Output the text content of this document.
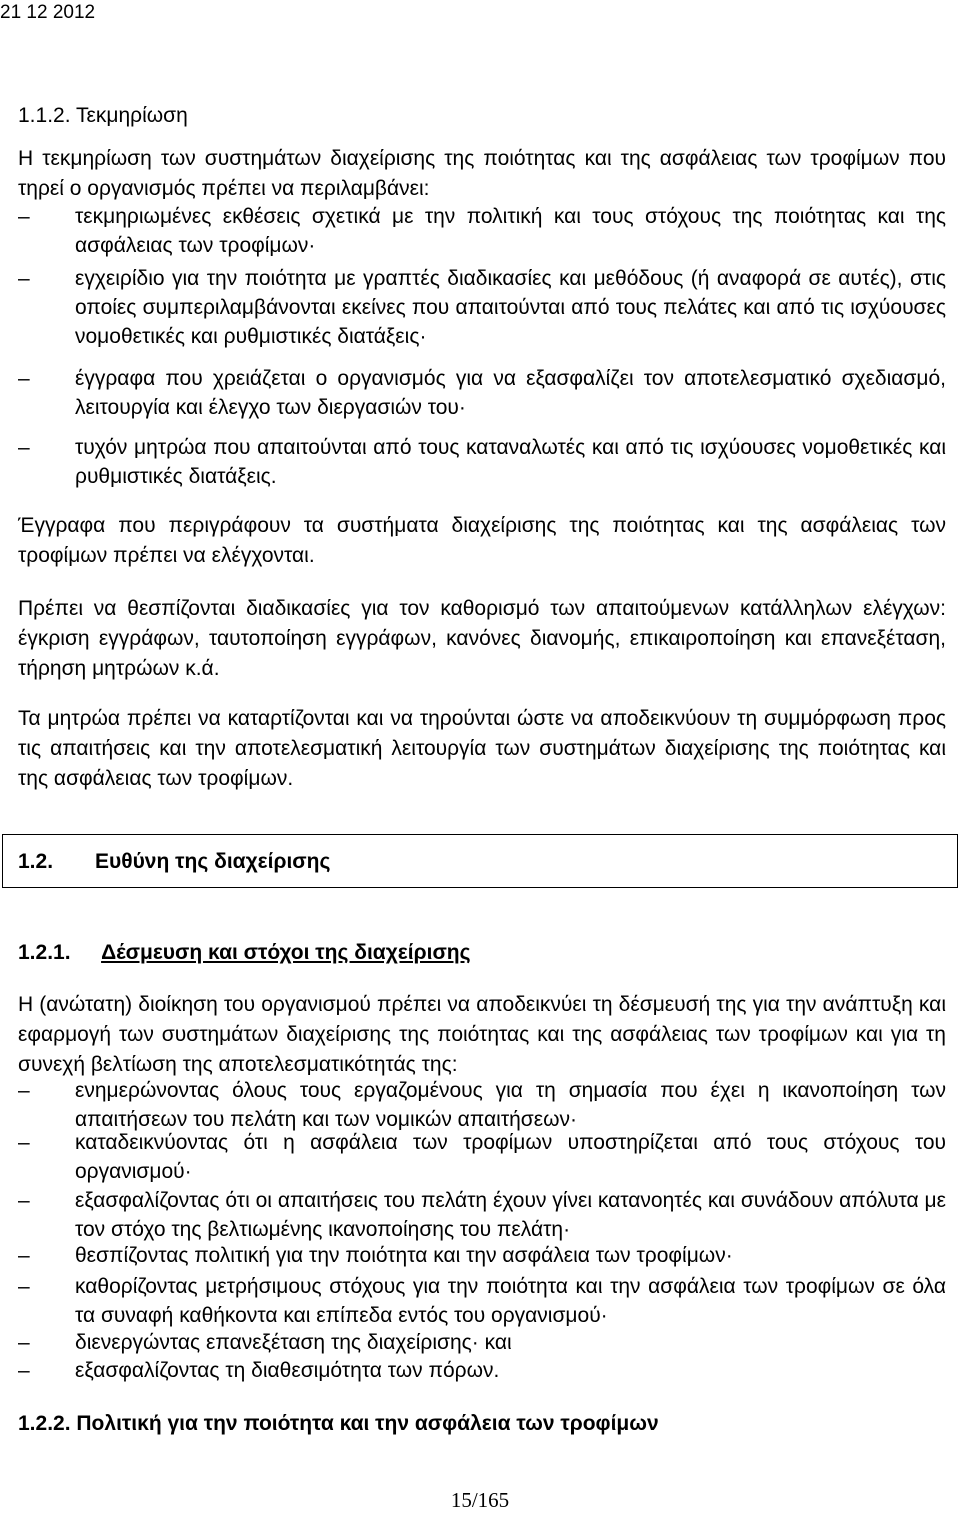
21 12 2012
1.1.2. Τεκμηρίωση
Η τεκμηρίωση των συστημάτων διαχείρισης της ποιότητας και της ασφάλειας των τροφίμων που τηρεί ο οργανισμός πρέπει να περιλαμβάνει:
–	τεκμηριωμένες εκθέσεις σχετικά με την πολιτική και τους στόχους της ποιότητας και της ασφάλειας των τροφίμων·
–	εγχειρίδιο για την ποιότητα με γραπτές διαδικασίες και μεθόδους (ή αναφορά σε αυτές), στις οποίες συμπεριλαμβάνονται εκείνες που απαιτούνται από τους πελάτες και από τις ισχύουσες νομοθετικές και ρυθμιστικές διατάξεις·
–	έγγραφα που χρειάζεται ο οργανισμός για να εξασφαλίζει τον αποτελεσματικό σχεδιασμό, λειτουργία και έλεγχο των διεργασιών του·
–	τυχόν μητρώα που απαιτούνται από τους καταναλωτές και από τις ισχύουσες νομοθετικές και ρυθμιστικές διατάξεις.
Έγγραφα που περιγράφουν τα συστήματα διαχείρισης της ποιότητας και της ασφάλειας των τροφίμων πρέπει να ελέγχονται.
Πρέπει να θεσπίζονται διαδικασίες για τον καθορισμό των απαιτούμενων κατάλληλων ελέγχων: έγκριση εγγράφων, ταυτοποίηση εγγράφων, κανόνες διανομής, επικαιροποίηση και επανεξέταση, τήρηση μητρώων κ.ά.
Τα μητρώα πρέπει να καταρτίζονται και να τηρούνται ώστε να αποδεικνύουν τη συμμόρφωση προς τις απαιτήσεις και την αποτελεσματική λειτουργία των συστημάτων διαχείρισης της ποιότητας και της ασφάλειας των τροφίμων.
1.2. Ευθύνη της διαχείρισης
1.2.1. Δέσμευση και στόχοι της διαχείρισης
Η (ανώτατη) διοίκηση του οργανισμού πρέπει να αποδεικνύει τη δέσμευσή της για την ανάπτυξη και εφαρμογή των συστημάτων διαχείρισης της ποιότητας και της ασφάλειας των τροφίμων και για τη συνεχή βελτίωση της αποτελεσματικότητάς της:
–	ενημερώνοντας όλους τους εργαζομένους για τη σημασία που έχει η ικανοποίηση των απαιτήσεων του πελάτη και των νομικών απαιτήσεων·
–	καταδεικνύοντας ότι η ασφάλεια των τροφίμων υποστηρίζεται από τους στόχους του οργανισμού·
–	εξασφαλίζοντας ότι οι απαιτήσεις του πελάτη έχουν γίνει κατανοητές και συνάδουν απόλυτα με τον στόχο της βελτιωμένης ικανοποίησης του πελάτη·
–	θεσπίζοντας πολιτική για την ποιότητα και την ασφάλεια των τροφίμων·
–	καθορίζοντας μετρήσιμους στόχους για την ποιότητα και την ασφάλεια των τροφίμων σε όλα τα συναφή καθήκοντα και επίπεδα εντός του οργανισμού·
–	διενεργώντας επανεξέταση της διαχείρισης· και
–	εξασφαλίζοντας τη διαθεσιμότητα των πόρων.
1.2.2. Πολιτική για την ποιότητα και την ασφάλεια των τροφίμων
15/165
